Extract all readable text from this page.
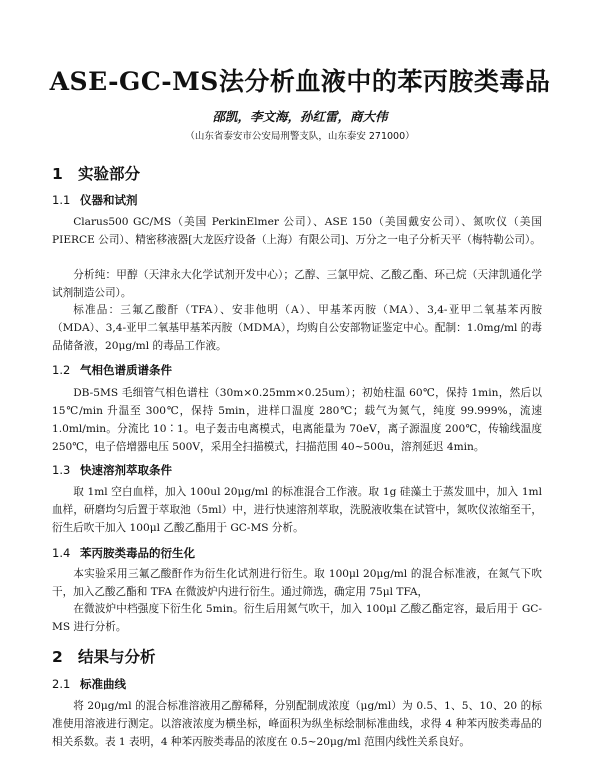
ASE-GC-MS法分析血液中的苯丙胺类毒品
邵凯，李文海，孙红雷，商大伟
（山东省泰安市公安局刑警支队，山东泰安 271000）
1 实验部分
1.1 仪器和试剂

Clarus500 GC/MS（美国 PerkinElmer 公司）、ASE 150（美国戴安公司）、氮吹仪（美国 PIERCE 公司）、精密移液器[大龙医疗设备（上海）有限公司]、万分之一电子分析天平（梅特勒公司）。

分析纯：甲醇（天津永大化学试剂开发中心）；乙醇、三氯甲烷、乙酸乙酯、环己烷（天津凯通化学试剂制造公司）。

标准品：三氟乙酸酐（TFA）、安非他明（A）、甲基苯丙胺（MA）、3,4-亚甲二氧基苯丙胺（MDA）、3,4-亚甲二氧基甲基苯丙胺（MDMA），均购自公安部物证鉴定中心。配制：1.0mg/ml 的毒品储备液，20μg/ml 的毒品工作液。

1.2 气相色谱质谱条件

DB-5MS 毛细管气相色谱柱（30m×0.25mm×0.25um）；初始柱温 60℃，保持 1min，然后以 15℃/min 升温至 300℃，保持 5min，进样口温度 280℃；载气为氮气，纯度 99.999%，流速 1.0ml/min。分流比 10∶1。电子轰击电离模式，电离能量为 70eV，离子源温度 200℃，传输线温度 250℃，电子倍增器电压 500V，采用全扫描模式，扫描范围 40~500u，溶剂延迟 4min。

1.3 快速溶剂萃取条件

取 1ml 空白血样，加入 100ul 20μg/ml 的标准混合工作液。取 1g 硅藻土于蒸发皿中，加入 1ml 血样，研磨均匀后置于萃取池（5ml）中，进行快速溶剂萃取，洗脱液收集在试管中，氮吹仪浓缩至干，衍生后吹干加入 100μl 乙酸乙酯用于 GC-MS 分析。

1.4 苯丙胺类毒品的衍生化

本实验采用三氟乙酸酐作为衍生化试剂进行衍生。取 100μl 20μg/ml 的混合标准液，在氮气下吹干，加入乙酸乙酯和 TFA 在微波炉内进行衍生。通过筛选，确定用 75μl TFA，

在微波炉中档强度下衍生化 5min。衍生后用氮气吹干，加入 100μl 乙酸乙酯定容，最后用于 GC-MS 进行分析。

2 结果与分析
2.1 标准曲线

将 20μg/ml 的混合标准溶液用乙醇稀释，分别配制成浓度（μg/ml）为 0.5、1、5、10、20 的标准使用溶液进行测定。以溶液浓度为横坐标，峰面积为纵坐标绘制标准曲线，求得 4 种苯丙胺类毒品的相关系数。表 1 表明，4 种苯丙胺类毒品的浓度在 0.5~20μg/ml 范围内线性关系良好。
